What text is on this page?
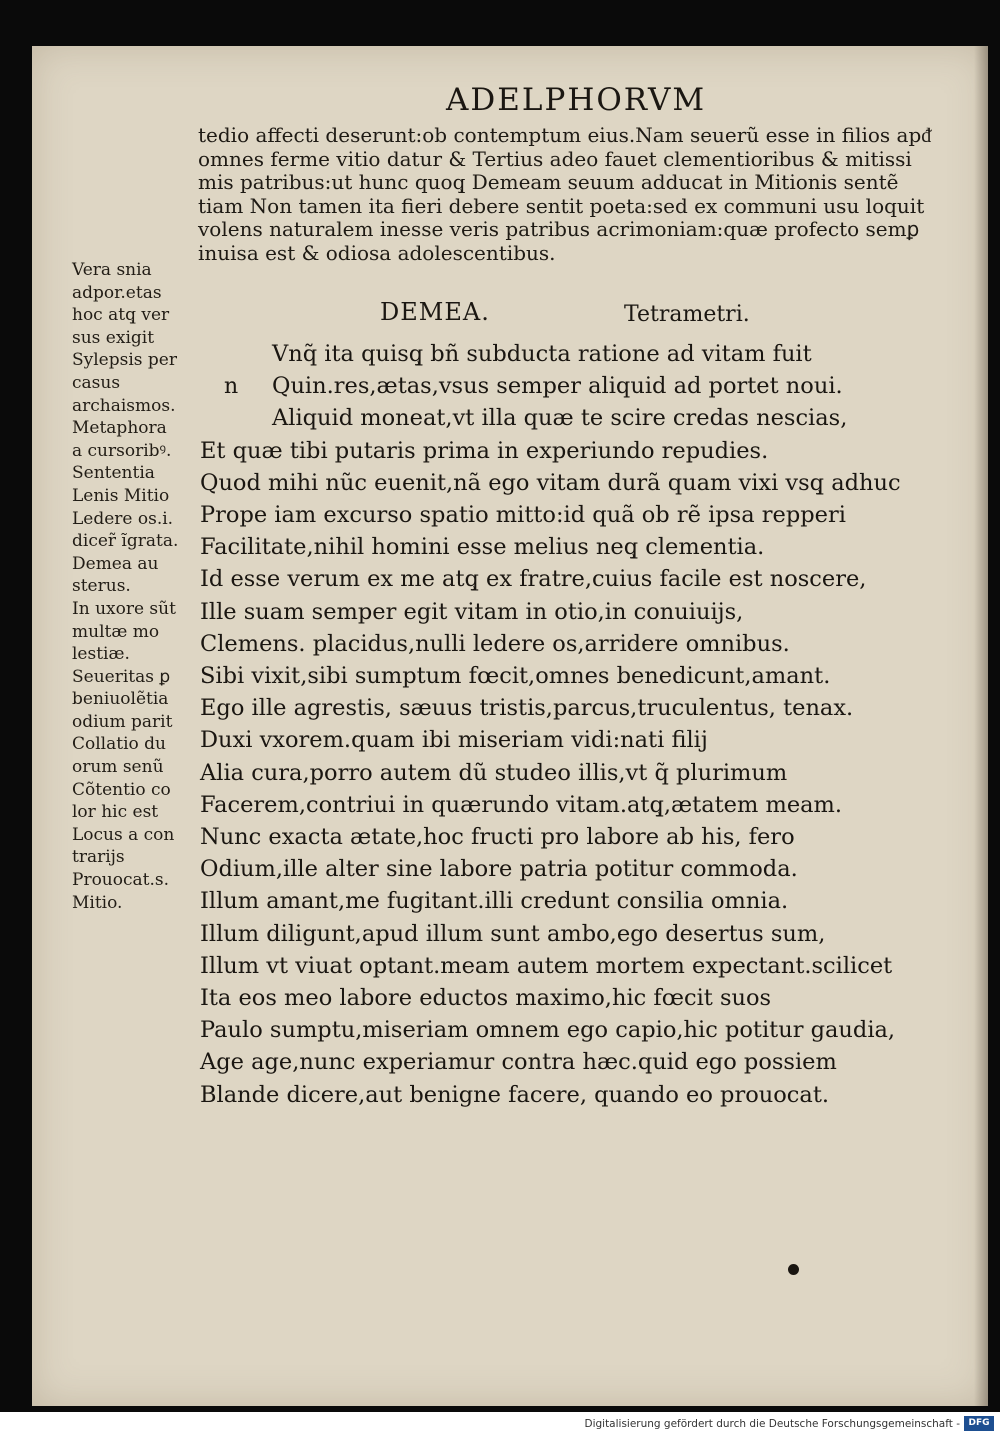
ADELPHORVM
tedio affecti deserunt:ob contemptum eius.Nam seuerũ esse in filios apᵭ
omnes ferme vitio datur & Tertius adeo fauet clementioribus & mitissi
mis patribus:ut hunc quoq̧ Demeam seuum adducat in Mitionis sentẽ
tiam Non tamen ita fieri debere sentit poeta:sed ex communi usu loquit
volens naturalem inesse veris patribus acrimoniam:quæ profecto semꝑ
inuisa est & odiosa adolescentibus.
Vera snia
adpor.etas
hoc atq̧ ver
sus exigit
Sylepsis per
casus
archaismos.
Metaphora
a cursoribꝰ.
Sententia
Lenis Mitio
Ledere os.i.
dicer̃ ĩgrata.
Demea au
sterus.
In uxore sũt
multæ mo
lestiæ.
Seueritas ꝑ
beniuolẽtia
odium parit
Collatio du
orum senũ
Cõtentio co
lor hic est
Locus a con
trarijs
Prouocat.s.
Mitio.
DEMEA.	Tetrametri.
n
Vnq̃ ita quisq̧ bñ subducta ratione ad vitam fuit
Quin.res,ætas,vsus semper aliquid ad portet noui.
Aliquid moneat,vt illa quæ te scire credas nescias,
Et quæ tibi putaris prima in experiundo repudies.
Quod mihi nũc euenit,nã ego vitam durã quam vixi vsq̧ adhuc
Prope iam excurso spatio mitto:id quã ob rẽ ipsa repperi
Facilitate,nihil homini esse melius neq̧ clementia.
Id esse verum ex me atq̧ ex fratre,cuius facile est noscere,
Ille suam semper egit vitam in otio,in conuiuijs,
Clemens. placidus,nulli ledere os,arridere omnibus.
Sibi vixit,sibi sumptum fœcit,omnes benedicunt,amant.
Ego ille agrestis, sæuus tristis,parcus,truculentus, tenax.
Duxi vxorem.quam ibi miseriam vidi:nati filij
Alia cura,porro autem dũ studeo illis,vt q̃ plurimum
Facerem,contriui in quærundo vitam.atq̧,ætatem meam.
Nunc exacta ætate,hoc fructi pro labore ab his, fero
Odium,ille alter sine labore patria potitur commoda.
Illum amant,me fugitant.illi credunt consilia omnia.
Illum diligunt,apud illum sunt ambo,ego desertus sum,
Illum vt viuat optant.meam autem mortem expectant.scilicet
Ita eos meo labore eductos maximo,hic fœcit suos
Paulo sumptu,miseriam omnem ego capio,hic potitur gaudia,
Age age,nunc experiamur contra hæc.quid ego possiem
Blande dicere,aut benigne facere, quando eo prouocat.
Digitalisierung gefördert durch die Deutsche Forschungsgemeinschaft - DFG
